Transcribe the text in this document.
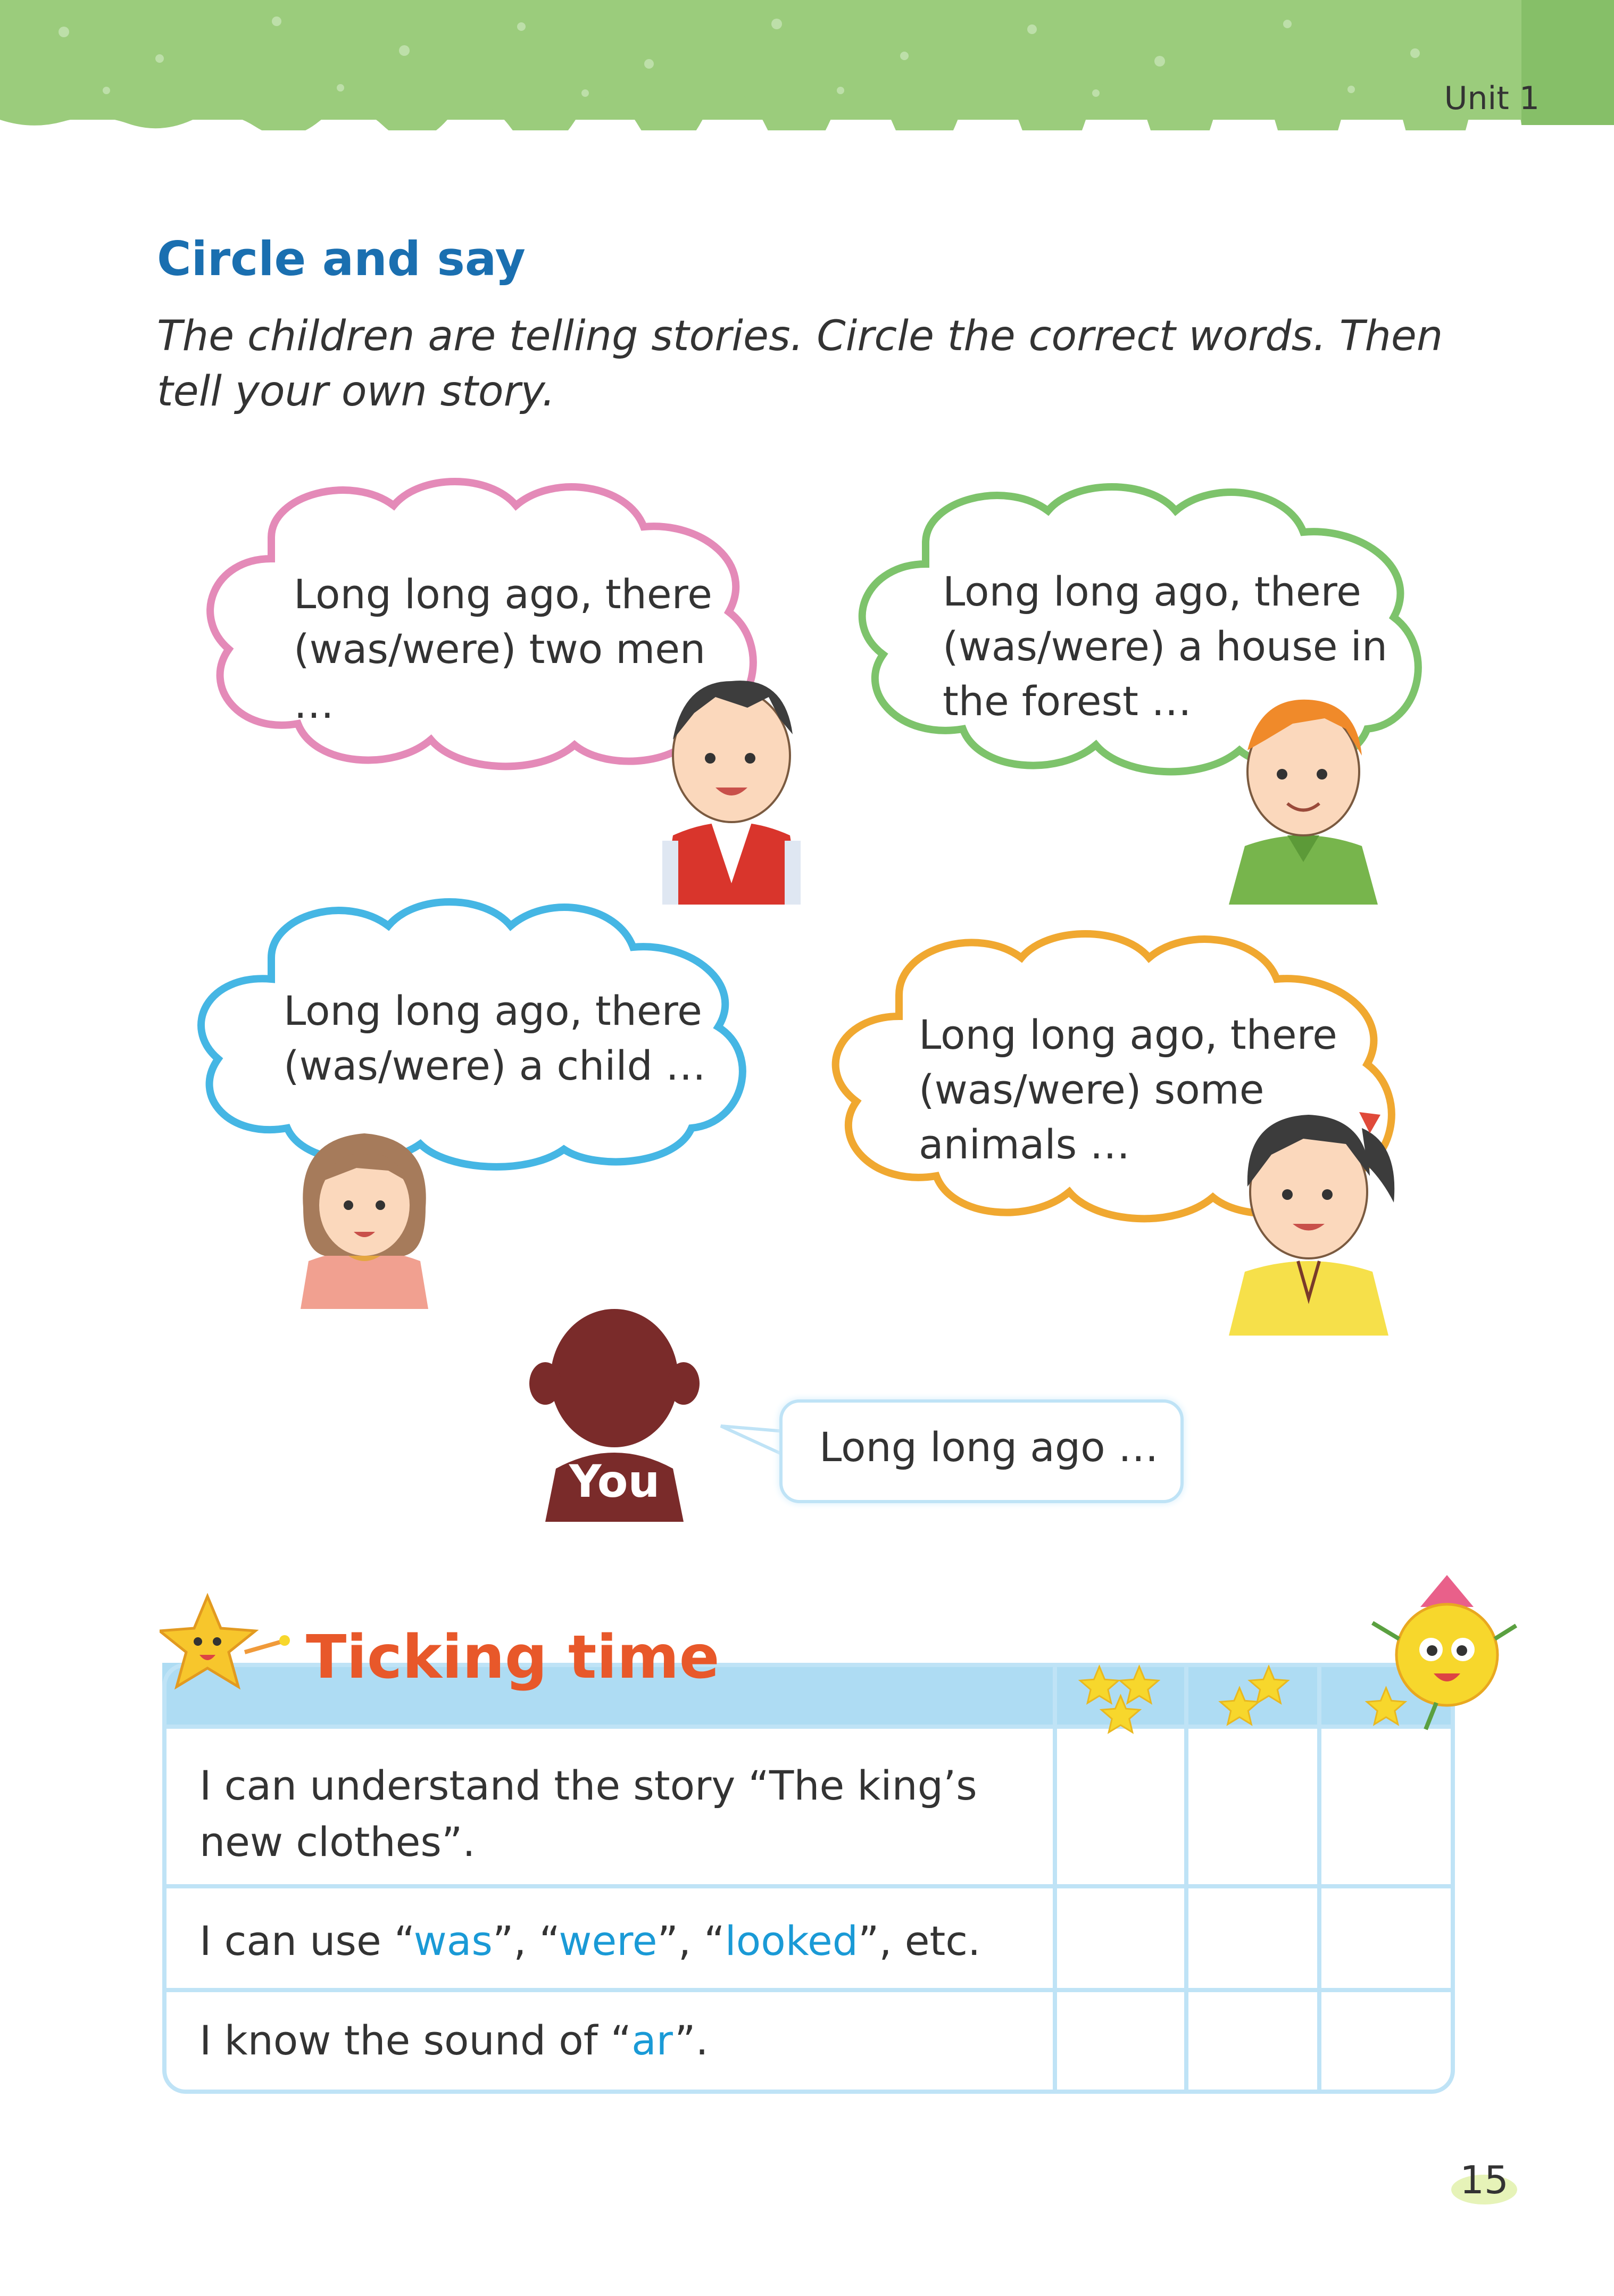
Unit 1
Circle and say
The children are telling stories. Circle the correct words. Then tell your own story.
Long long ago, there
(was/were) two men
…
Long long ago, there
(was/were) a house in
the forest …
Long long ago, there
(was/were) a child …
Long long ago, there
(was/were) some
animals …
You
Long long ago …
Ticking time
I can understand the story “The king’s
new clothes”.
I can use “was”, “were”, “looked”, etc.
I know the sound of “ar”.
15
